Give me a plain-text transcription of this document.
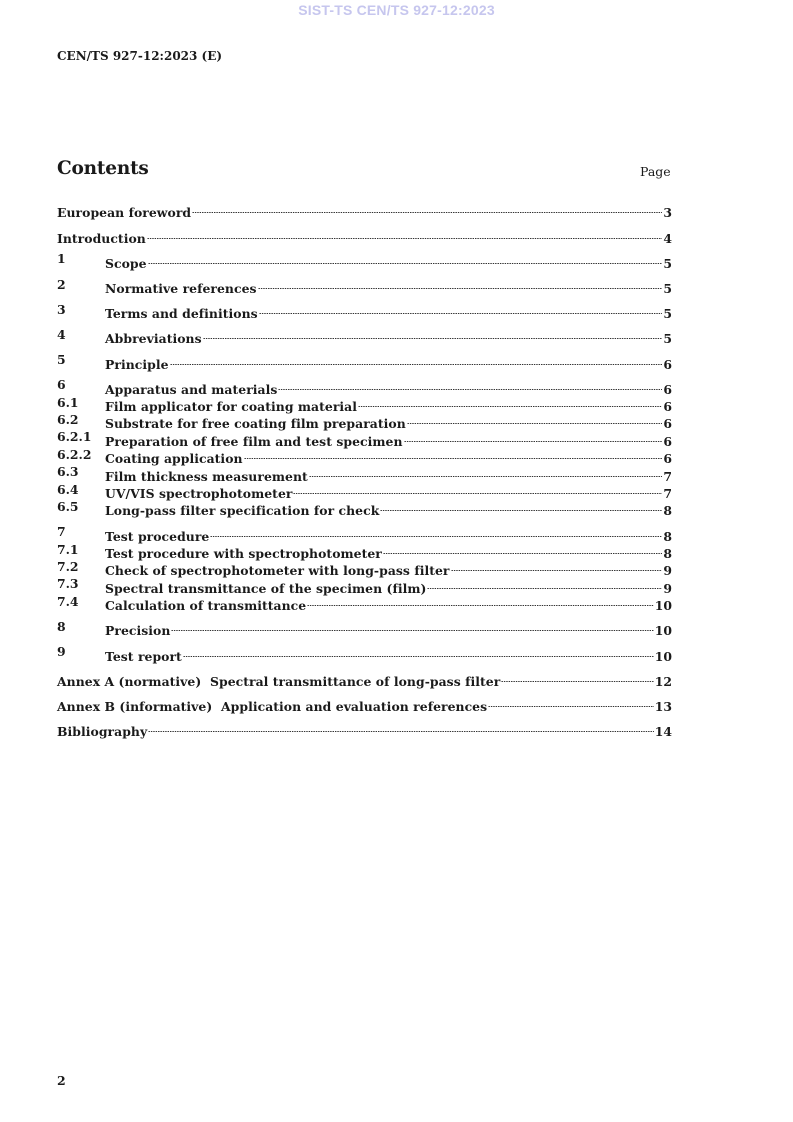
SIST-TS CEN/TS 927-12:2023
CEN/TS 927-12:2023 (E)
Contents	Page
European foreword	3
Introduction	4
1	Scope	5
2	Normative references	5
3	Terms and definitions	5
4	Abbreviations	5
5	Principle	6
6	Apparatus and materials	6
6.1 Film applicator for coating material	6
6.2 Substrate for free coating film preparation	6
6.2.1 Preparation of free film and test specimen	6
6.2.2 Coating application	6
6.3 Film thickness measurement	7
6.4 UV/VIS spectrophotometer	7
6.5 Long-pass filter specification for check	8
7	Test procedure	8
7.1 Test procedure with spectrophotometer	8
7.2 Check of spectrophotometer with long-pass filter	9
7.3 Spectral transmittance of the specimen (film)	9
7.4 Calculation of transmittance	10
8	Precision	10
9	Test report	10
Annex A (normative)  Spectral transmittance of long-pass filter	12
Annex B (informative)  Application and evaluation references	13
Bibliography	14
2
